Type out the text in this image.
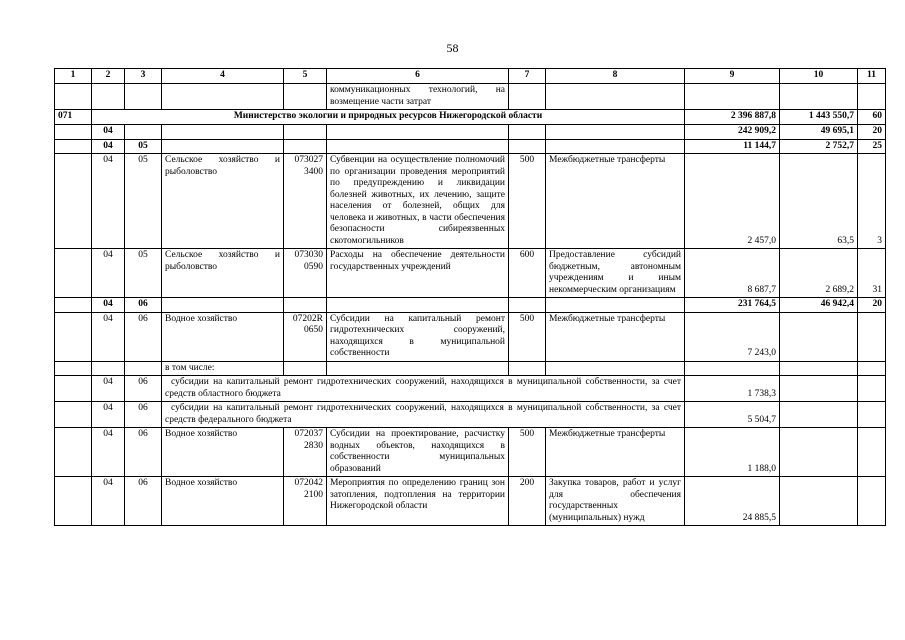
58
1	2	3	4	5	6	7	8	9	10	11
					коммуникационных технологий, на возмещение части затрат					
071	Министерство экологии и природных ресурсов Нижегородской области							2 396 887,8	1 443 550,7	60
	04							242 909,2	49 695,1	20
	04	05						11 144,7	2 752,7	25
	04	05	Сельское хозяйство и рыболовство	073027 3400	Субвенции на осуществление полномочий по организации проведения мероприятий по предупреждению и ликвидации болезней животных, их лечению, защите населения от болезней, общих для человека и животных, в части обеспечения безопасности сибиреязвенных скотомогильников	500	Межбюджетные трансферты	2 457,0	63,5	3
	04	05	Сельское хозяйство и рыболовство	073030 0590	Расходы на обеспечение деятельности государственных учреждений	600	Предоставление субсидий бюджетным, автономным учреждениям и иным некоммерческим организациям	8 687,7	2 689,2	31
	04	06						231 764,5	46 942,4	20
	04	06	Водное хозяйство	07202R 0650	Субсидии на капитальный ремонт гидротехнических сооружений, находящихся в муниципальной собственности	500	Межбюджетные трансферты	7 243,0		
			в том числе:							
	04	06	субсидии на капитальный ремонт гидротехнических сооружений, находящихся в муниципальной собственности, за счет средств областного бюджета					1 738,3		
	04	06	субсидии на капитальный ремонт гидротехнических сооружений, находящихся в муниципальной собственности, за счет средств федерального бюджета					5 504,7		
	04	06	Водное хозяйство	072037 2830	Субсидии на проектирование, расчистку водных объектов, находящихся в собственности муниципальных образований	500	Межбюджетные трансферты	1 188,0		
	04	06	Водное хозяйство	072042 2100	Мероприятия по определению границ зон затопления, подтопления на территории Нижегородской области	200	Закупка товаров, работ и услуг для обеспечения государственных (муниципальных) нужд	24 885,5		
